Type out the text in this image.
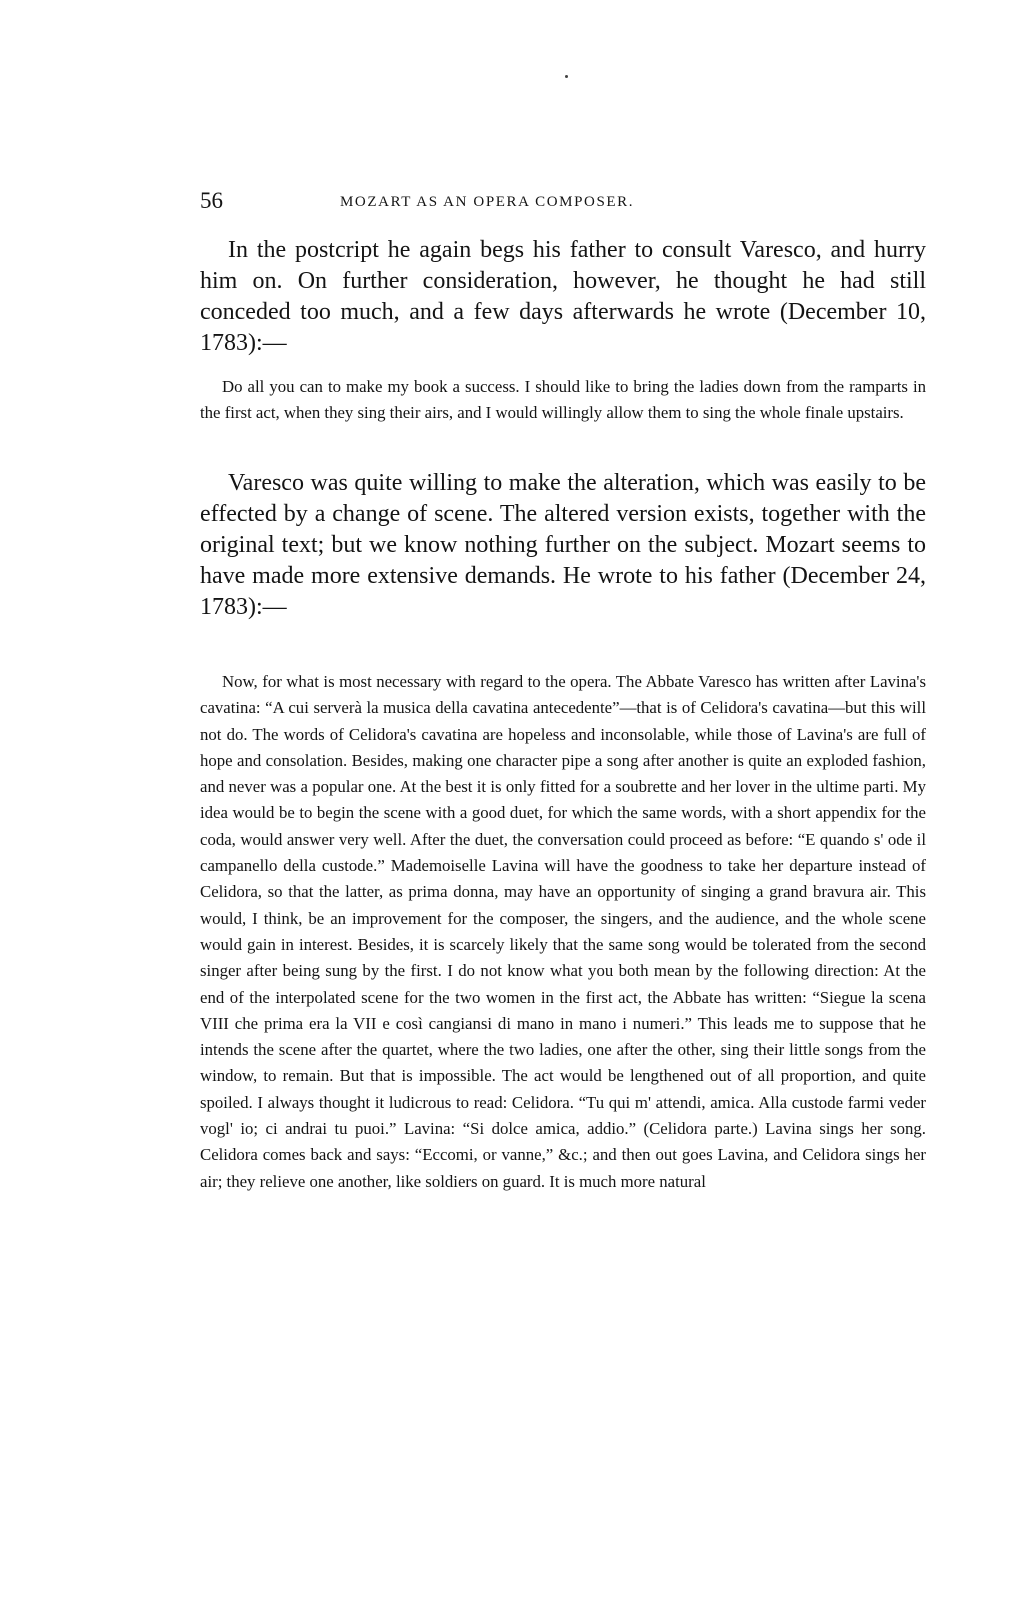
56	MOZART AS AN OPERA COMPOSER.

In the postcript he again begs his father to consult Varesco, and hurry him on. On further consideration, however, he thought he had still conceded too much, and a few days afterwards he wrote (December 10, 1783):—

Do all you can to make my book a success. I should like to bring the ladies down from the ramparts in the first act, when they sing their airs, and I would willingly allow them to sing the whole finale upstairs.

Varesco was quite willing to make the alteration, which was easily to be effected by a change of scene. The altered version exists, together with the original text; but we know nothing further on the subject. Mozart seems to have made more extensive demands. He wrote to his father (December 24, 1783):—

Now, for what is most necessary with regard to the opera. The Abbate Varesco has written after Lavina's cavatina: “A cui serverà la musica della cavatina antecedente”—that is of Celidora's cavatina—but this will not do. The words of Celidora's cavatina are hopeless and inconsolable, while those of Lavina's are full of hope and consolation. Besides, making one character pipe a song after another is quite an exploded fashion, and never was a popular one. At the best it is only fitted for a soubrette and her lover in the ultime parti. My idea would be to begin the scene with a good duet, for which the same words, with a short appendix for the coda, would answer very well. After the duet, the conversation could proceed as before: “E quando s' ode il campanello della custode.” Mademoiselle Lavina will have the goodness to take her departure instead of Celidora, so that the latter, as prima donna, may have an opportunity of singing a grand bravura air. This would, I think, be an improvement for the composer, the singers, and the audience, and the whole scene would gain in interest. Besides, it is scarcely likely that the same song would be tolerated from the second singer after being sung by the first. I do not know what you both mean by the following direction: At the end of the interpolated scene for the two women in the first act, the Abbate has written: “Siegue la scena VIII che prima era la VII e così cangiansi di mano in mano i numeri.” This leads me to suppose that he intends the scene after the quartet, where the two ladies, one after the other, sing their little songs from the window, to remain. But that is impossible. The act would be lengthened out of all proportion, and quite spoiled. I always thought it ludicrous to read: Celidora. “Tu qui m' attendi, amica. Alla custode farmi veder vogl' io; ci andrai tu puoi.” Lavina: “Si dolce amica, addio.” (Celidora parte.) Lavina sings her song. Celidora comes back and says: “Eccomi, or vanne,” &c.; and then out goes Lavina, and Celidora sings her air; they relieve one another, like soldiers on guard. It is much more natural
